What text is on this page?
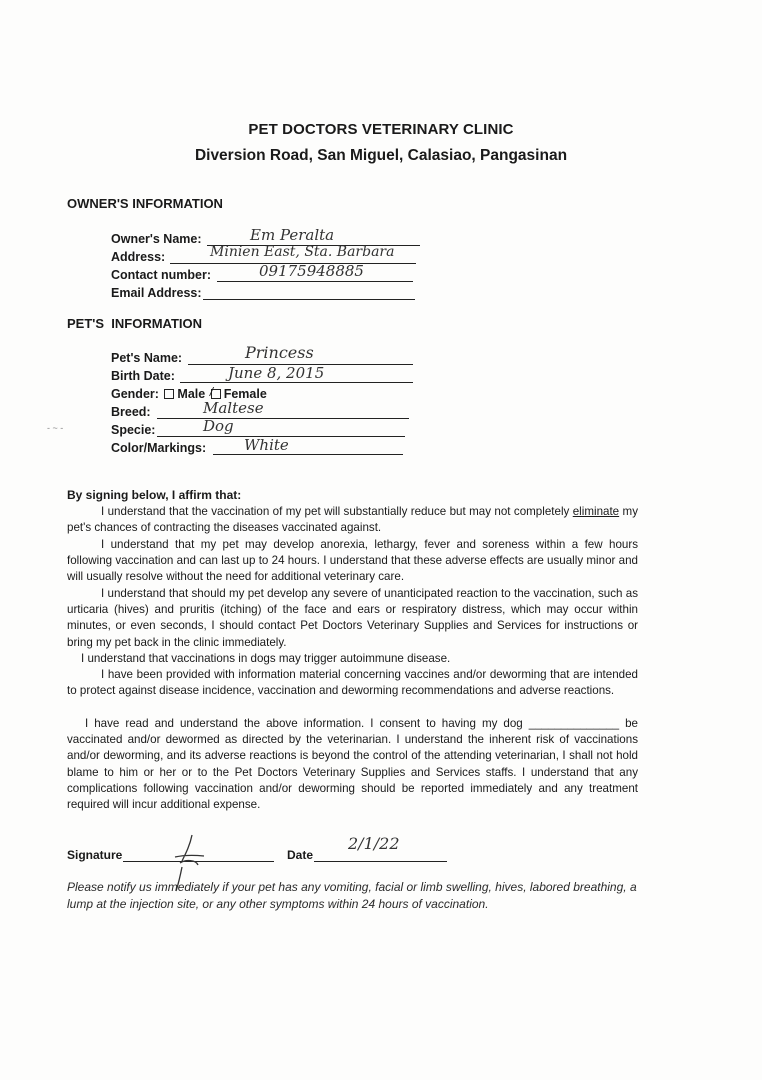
PET DOCTORS VETERINARY CLINIC
Diversion Road, San Miguel, Calasiao, Pangasinan
OWNER'S INFORMATION
Owner's Name:	Em Peralta
Address:	Minien East, Sta. Barbara
Contact number:	09175948885
Email Address:
PET'S  INFORMATION
Pet's Name:	Princess
Birth Date:	June 8, 2015
Gender: Male / Female
Breed:	Maltese
Specie:	Dog
Color/Markings:	White
- ~ -
By signing below, I affirm that:
I understand that the vaccination of my pet will substantially reduce but may not completely eliminate my pet's chances of contracting the diseases vaccinated against.
I understand that my pet may develop anorexia, lethargy, fever and soreness within a few hours following vaccination and can last up to 24 hours. I understand that these adverse effects are usually minor and will usually resolve without the need for additional veterinary care.
I understand that should my pet develop any severe of unanticipated reaction to the vaccination, such as urticaria (hives) and pruritis (itching) of the face and ears or respiratory distress, which may occur within minutes, or even seconds, I should contact Pet Doctors Veterinary Supplies and Services for instructions or bring my pet back in the clinic immediately.
I understand that vaccinations in dogs may trigger autoimmune disease.
I have been provided with information material concerning vaccines and/or deworming that are intended to protect against disease incidence, vaccination and deworming recommendations and adverse reactions.
I have read and understand the above information. I consent to having my dog ______________ be vaccinated and/or dewormed as directed by the veterinarian. I understand the inherent risk of vaccinations and/or deworming, and its adverse reactions is beyond the control of the attending veterinarian, I shall not hold blame to him or her or to the Pet Doctors Veterinary Supplies and Services staffs. I understand that any complications following vaccination and/or deworming should be reported immediately and any treatment required will incur additional expense.
Signature	Date
2/1/22
Please notify us immediately if your pet has any vomiting, facial or limb swelling, hives, labored breathing, a lump at the injection site, or any other symptoms within 24 hours of vaccination.
